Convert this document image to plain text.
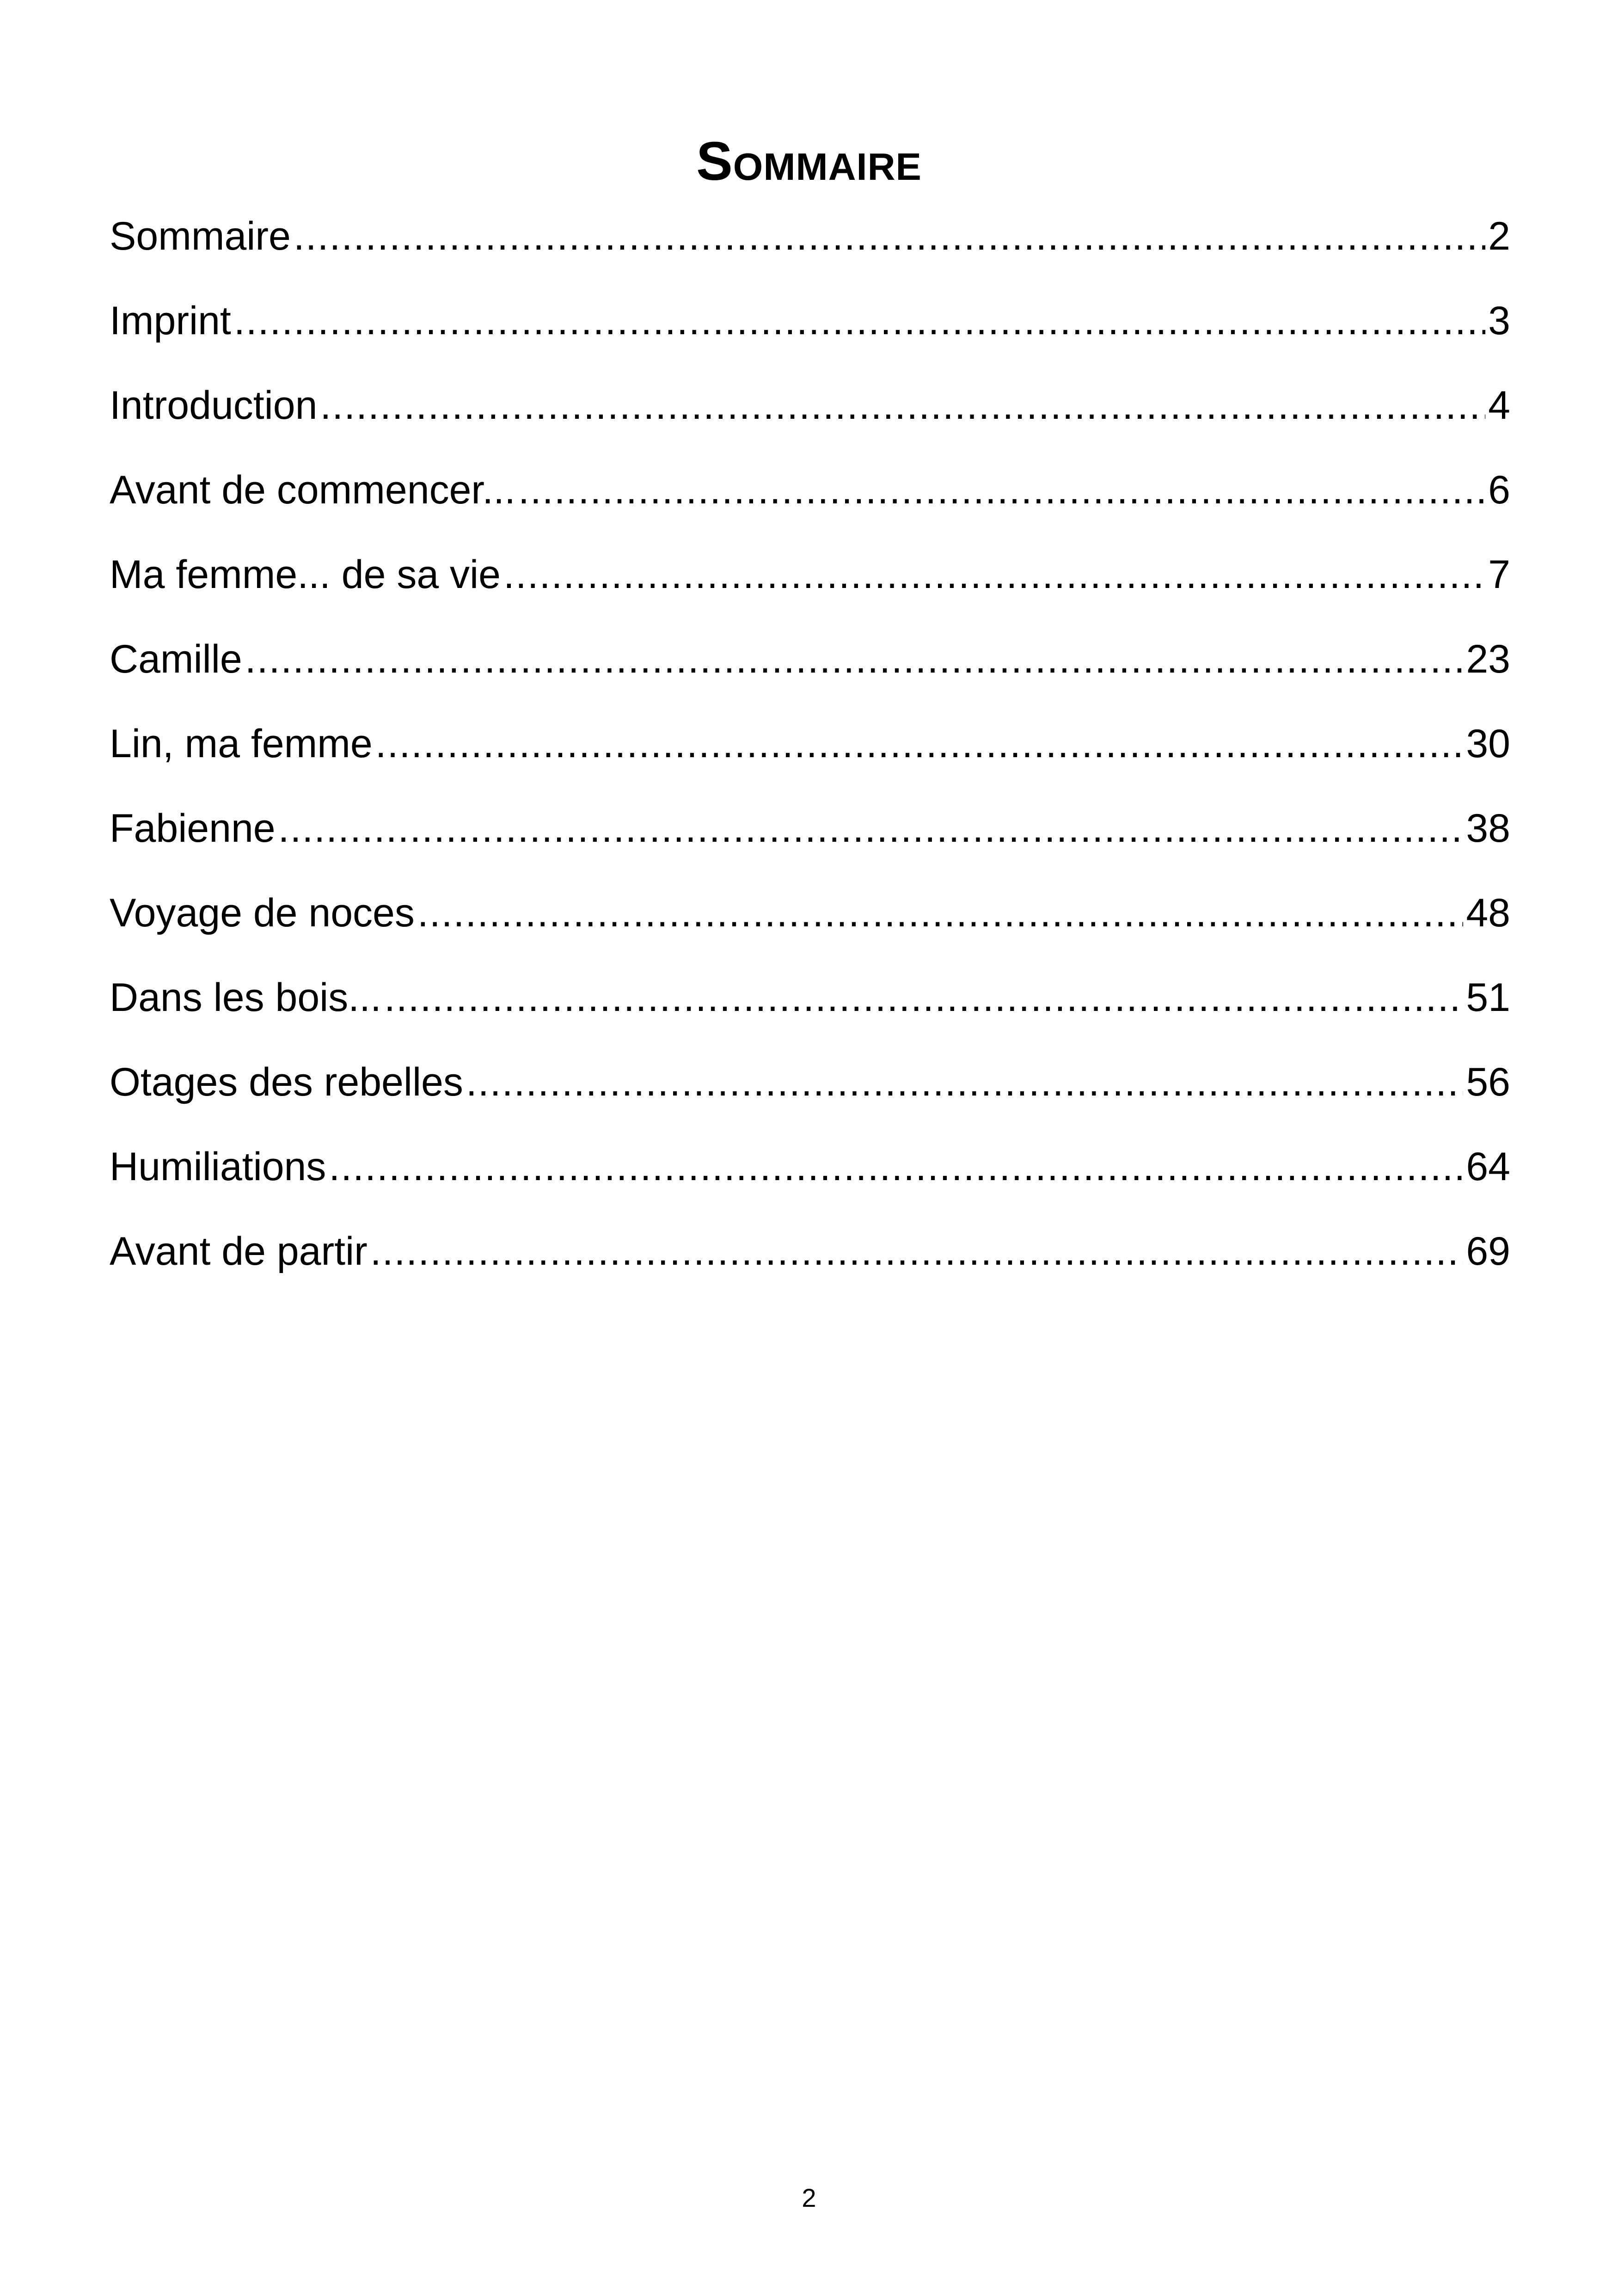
Sommaire
Sommaire .....	2
Imprint .....	3
Introduction .....	4
Avant de commencer... .....	6
Ma femme... de sa vie .....	7
Camille .....	23
Lin, ma femme .....	30
Fabienne .....	38
Voyage de noces .....	48
Dans les bois... .....	51
Otages des rebelles .....	56
Humiliations .....	64
Avant de partir .....	69
2
